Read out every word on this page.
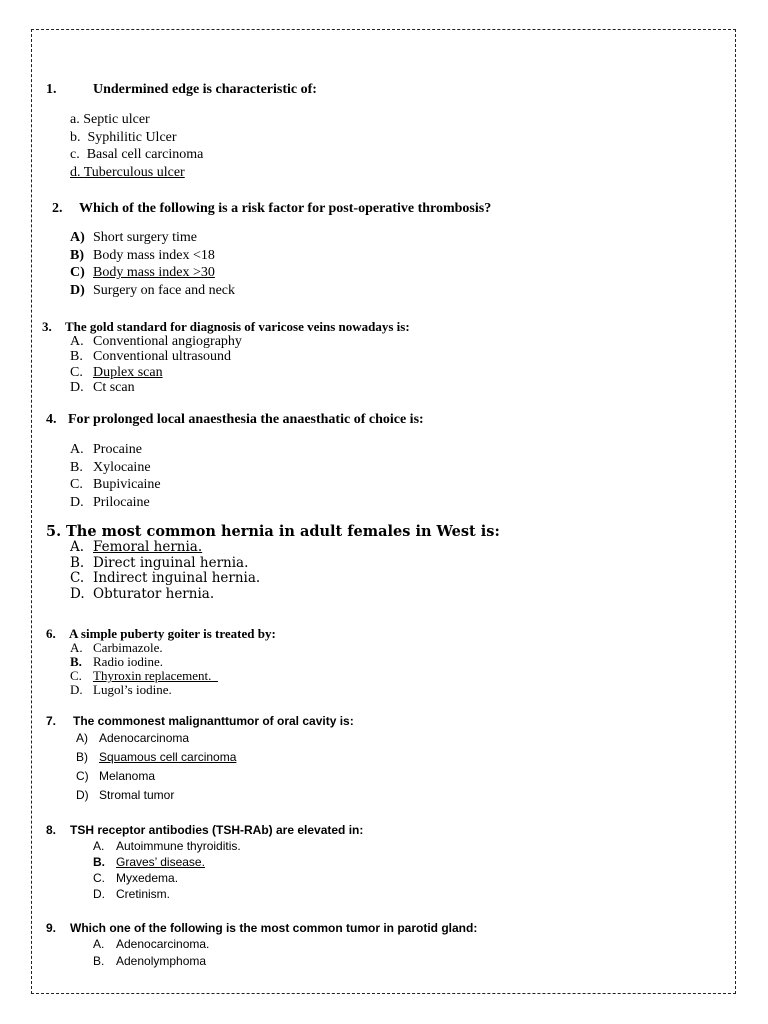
1.	Undermined edge is characteristic of:
a. Septic ulcer
b. Syphilitic Ulcer
c. Basal cell carcinoma
d. Tuberculous ulcer
2. Which of the following is a risk factor for post-operative thrombosis?
A) Short surgery time
B) Body mass index <18
C) Body mass index >30
D) Surgery on face and neck
3. The gold standard for diagnosis of varicose veins nowadays is:
A. Conventional angiography
B. Conventional ultrasound
C. Duplex scan
D. Ct scan
4. For prolonged local anaesthesia the anaesthatic of choice is:
A. Procaine
B. Xylocaine
C. Bupivicaine
D. Prilocaine
5. The most common hernia in adult females in West is:
A. Femoral hernia.
B. Direct inguinal hernia.
C. Indirect inguinal hernia.
D. Obturator hernia.
6. A simple puberty goiter is treated by:
A. Carbimazole.
B. Radio iodine.
C. Thyroxin replacement.
D. Lugol’s iodine.
7. The commonest malignanttumor of oral cavity is:
A) Adenocarcinoma
B) Squamous cell carcinoma
C) Melanoma
D) Stromal tumor
8. TSH receptor antibodies (TSH-RAb) are elevated in:
A. Autoimmune thyroiditis.
B. Graves’ disease.
C. Myxedema.
D. Cretinism.
9. Which one of the following is the most common tumor in parotid gland:
A. Adenocarcinoma.
B. Adenolymphoma
